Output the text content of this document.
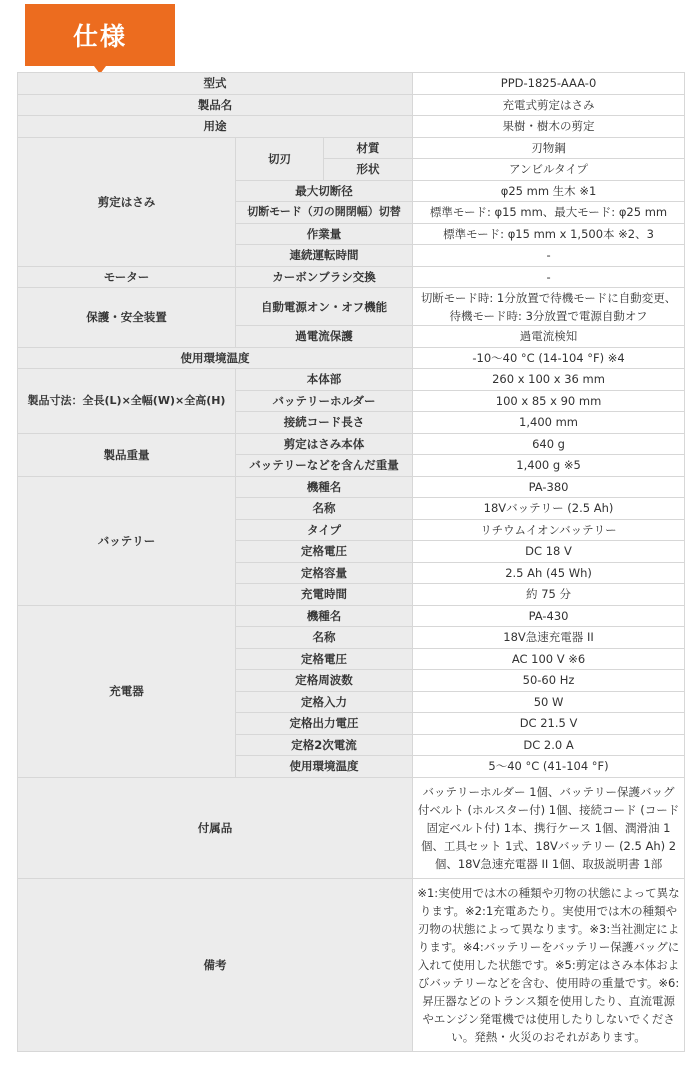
仕様
型式			PPD-1825-AAA-0
製品名			充電式剪定はさみ
用途			果樹・樹木の剪定
剪定はさみ	切刃	材質	刃物鋼
		形状	アンビルタイプ
	最大切断径		φ25 mm 生木 ※1
	切断モード（刃の開閉幅）切替		標準モード: φ15 mm、最大モード: φ25 mm
	作業量		標準モード: φ15 mm x 1,500本 ※2、3
	連続運転時間		-
モーター	カーボンブラシ交換		-
保護・安全装置	自動電源オン・オフ機能		切断モード時: 1分放置で待機モードに自動変更、待機モード時: 3分放置で電源自動オフ
	過電流保護		過電流検知
使用環境温度			-10〜40 °C (14-104 °F) ※4
製品寸法：全長(L)×全幅(W)×全高(H)	本体部		260 x 100 x 36 mm
	バッテリーホルダー		100 x 85 x 90 mm
	接続コード長さ		1,400 mm
製品重量	剪定はさみ本体		640 g
	バッテリーなどを含んだ重量		1,400 g ※5
バッテリー	機種名		PA-380
	名称		18Vバッテリー (2.5 Ah)
	タイプ		リチウムイオンバッテリー
	定格電圧		DC 18 V
	定格容量		2.5 Ah (45 Wh)
	充電時間		約 75 分
充電器	機種名		PA-430
	名称		18V急速充電器 II
	定格電圧		AC 100 V ※6
	定格周波数		50-60 Hz
	定格入力		50 W
	定格出力電圧		DC 21.5 V
	定格2次電流		DC 2.0 A
	使用環境温度		5〜40 °C (41-104 °F)
付属品			バッテリーホルダー 1個、バッテリー保護バッグ付ベルト (ホルスター付) 1個、接続コード (コード固定ベルト付) 1本、携行ケース 1個、潤滑油 1個、工具セット 1式、18Vバッテリー (2.5 Ah) 2個、18V急速充電器 II 1個、取扱説明書 1部
備考			※1:実使用では木の種類や刃物の状態によって異なります。※2:1充電あたり。実使用では木の種類や刃物の状態によって異なります。※3:当社測定によります。※4:バッテリーをバッテリー保護バッグに入れて使用した状態です。※5:剪定はさみ本体およびバッテリーなどを含む、使用時の重量です。※6:昇圧器などのトランス類を使用したり、直流電源やエンジン発電機では使用したりしないでください。発熱・火災のおそれがあります。
